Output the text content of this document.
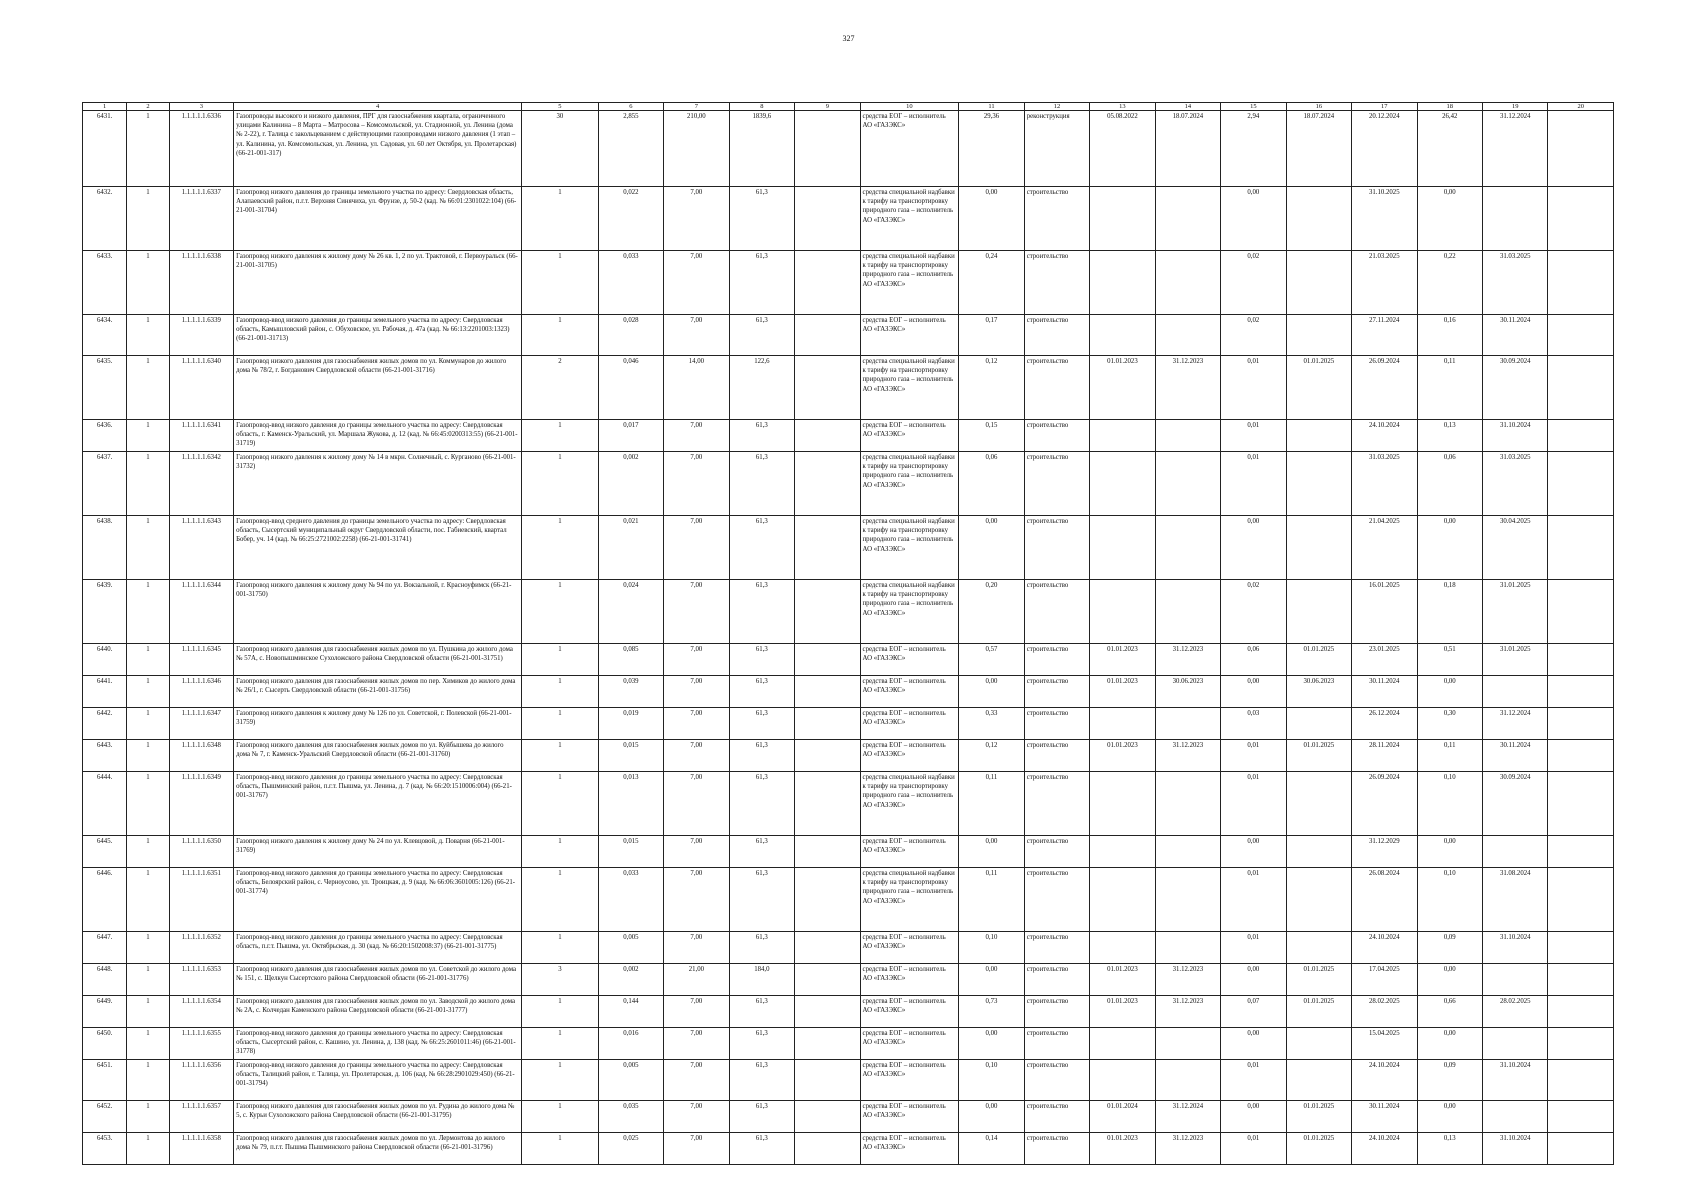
327
1	2	3	4	5	6	7	8	9	10	11	12	13	14	15	16	17	18	19	20
6431.	1	1.1.1.1.1.6336	Газопроводы высокого и низкого давления, ПРГ для газоснабжения квартала, ограниченного улицами Калинина – 8 Марта – Матросова – Комсомольской, ул. Стадионной, ул. Ленина (дома № 2-22), г. Талица с закольцеванием с действующими газопроводами низкого давления (1 этап – ул. Калинина, ул. Комсомольская, ул. Ленина, ул. Садовая, ул. 60 лет Октября, ул. Пролетарская) (66-21-001-317)	30	2,855	210,00	1839,6		средства ЕОГ – исполнитель АО «ГАЗЭКС»	29,36	реконструкция	05.08.2022	18.07.2024	2,94	18.07.2024	20.12.2024	26,42	31.12.2024	
6432.	1	1.1.1.1.1.6337	Газопровод низкого давления до границы земельного участка по адресу: Свердловская область, Алапаевский район, п.г.т. Верхняя Синячиха, ул. Фрунзе, д. 50-2 (кад. № 66:01:2301022:104) (66-21-001-31704)	1	0,022	7,00	61,3		средства специальной надбавки к тарифу на транспортировку природного газа – исполнитель АО «ГАЗЭКС»	0,00	строительство			0,00		31.10.2025	0,00		
6433.	1	1.1.1.1.1.6338	Газопровод низкого давления к жилому дому № 26 кв. 1, 2 по ул. Трактовой, г. Первоуральск (66-21-001-31705)	1	0,033	7,00	61,3		средства специальной надбавки к тарифу на транспортировку природного газа – исполнитель АО «ГАЗЭКС»	0,24	строительство			0,02		21.03.2025	0,22	31.03.2025	
6434.	1	1.1.1.1.1.6339	Газопровод-ввод низкого давления до границы земельного участка по адресу: Свердловская область, Камышловский район, с. Обуховское, ул. Рабочая, д. 47а (кад. № 66:13:2201003:1323) (66-21-001-31713)	1	0,028	7,00	61,3		средства ЕОГ – исполнитель АО «ГАЗЭКС»	0,17	строительство			0,02		27.11.2024	0,16	30.11.2024	
6435.	1	1.1.1.1.1.6340	Газопровод низкого давления для газоснабжения жилых домов по ул. Коммунаров до жилого дома № 78/2, г. Богданович Свердловской области (66-21-001-31716)	2	0,046	14,00	122,6		средства специальной надбавки к тарифу на транспортировку природного газа – исполнитель АО «ГАЗЭКС»	0,12	строительство	01.01.2023	31.12.2023	0,01	01.01.2025	26.09.2024	0,11	30.09.2024	
6436.	1	1.1.1.1.1.6341	Газопровод-ввод низкого давления до границы земельного участка по адресу: Свердловская область, г. Каменск-Уральский, ул. Маршала Жукова, д. 12 (кад. № 66:45:0200313:55) (66-21-001-31719)	1	0,017	7,00	61,3		средства ЕОГ – исполнитель АО «ГАЗЭКС»	0,15	строительство			0,01		24.10.2024	0,13	31.10.2024	
6437.	1	1.1.1.1.1.6342	Газопровод низкого давления к жилому дому № 14 в мкрн. Солнечный, с. Курганово (66-21-001-31732)	1	0,002	7,00	61,3		средства специальной надбавки к тарифу на транспортировку природного газа – исполнитель АО «ГАЗЭКС»	0,06	строительство			0,01		31.03.2025	0,06	31.03.2025	
6438.	1	1.1.1.1.1.6343	Газопровод-ввод среднего давления до границы земельного участка по адресу: Свердловская область, Сысертский муниципальный округ Свердловской области, пос. Габиевский, квартал Бобер, уч. 14 (кад. № 66:25:2721002:2258) (66-21-001-31741)	1	0,021	7,00	61,3		средства специальной надбавки к тарифу на транспортировку природного газа – исполнитель АО «ГАЗЭКС»	0,00	строительство			0,00		21.04.2025	0,00	30.04.2025	
6439.	1	1.1.1.1.1.6344	Газопровод низкого давления к жилому дому № 94 по ул. Вокзальной, г. Красноуфимск (66-21-001-31750)	1	0,024	7,00	61,3		средства специальной надбавки к тарифу на транспортировку природного газа – исполнитель АО «ГАЗЭКС»	0,20	строительство			0,02		16.01.2025	0,18	31.01.2025	
6440.	1	1.1.1.1.1.6345	Газопровод низкого давления для газоснабжения жилых домов по ул. Пушкина до жилого дома № 57А, с. Новопышминское Сухоложского района Свердловской области (66-21-001-31751)	1	0,085	7,00	61,3		средства ЕОГ – исполнитель АО «ГАЗЭКС»	0,57	строительство	01.01.2023	31.12.2023	0,06	01.01.2025	23.01.2025	0,51	31.01.2025	
6441.	1	1.1.1.1.1.6346	Газопровод низкого давления для газоснабжения жилых домов по пер. Химиков до жилого дома № 26/1, г. Сысерть Свердловской области (66-21-001-31756)	1	0,039	7,00	61,3		средства ЕОГ – исполнитель АО «ГАЗЭКС»	0,00	строительство	01.01.2023	30.06.2023	0,00	30.06.2023	30.11.2024	0,00		
6442.	1	1.1.1.1.1.6347	Газопровод низкого давления к жилому дому № 126 по ул. Советской, г. Полевской (66-21-001-31759)	1	0,019	7,00	61,3		средства ЕОГ – исполнитель АО «ГАЗЭКС»	0,33	строительство			0,03		26.12.2024	0,30	31.12.2024	
6443.	1	1.1.1.1.1.6348	Газопровод низкого давления для газоснабжения жилых домов по ул. Куйбышева до жилого дома № 7, г. Каменск-Уральский Свердловской области (66-21-001-31760)	1	0,015	7,00	61,3		средства ЕОГ – исполнитель АО «ГАЗЭКС»	0,12	строительство	01.01.2023	31.12.2023	0,01	01.01.2025	28.11.2024	0,11	30.11.2024	
6444.	1	1.1.1.1.1.6349	Газопровод-ввод низкого давления до границы земельного участка по адресу: Свердловская область, Пышминский район, п.г.т. Пышма, ул. Ленина, д. 7 (кад. № 66:20:1510006:004) (66-21-001-31767)	1	0,013	7,00	61,3		средства специальной надбавки к тарифу на транспортировку природного газа – исполнитель АО «ГАЗЭКС»	0,11	строительство			0,01		26.09.2024	0,10	30.09.2024	
6445.	1	1.1.1.1.1.6350	Газопровод низкого давления к жилому дому № 24 по ул. Клевцовой, д. Поварня (66-21-001-31769)	1	0,015	7,00	61,3		средства ЕОГ – исполнитель АО «ГАЗЭКС»	0,00	строительство			0,00		31.12.2029	0,00		
6446.	1	1.1.1.1.1.6351	Газопровод-ввод низкого давления до границы земельного участка по адресу: Свердловская область, Белоярский район, с. Черноусово, ул. Троицкая, д. 9 (кад. № 66:06:3601005:126) (66-21-001-31774)	1	0,033	7,00	61,3		средства специальной надбавки к тарифу на транспортировку природного газа – исполнитель АО «ГАЗЭКС»	0,11	строительство			0,01		26.08.2024	0,10	31.08.2024	
6447.	1	1.1.1.1.1.6352	Газопровод-ввод низкого давления до границы земельного участка по адресу: Свердловская область, п.г.т. Пышма, ул. Октябрьская, д. 30 (кад. № 66:20:1502008:37) (66-21-001-31775)	1	0,005	7,00	61,3		средства ЕОГ – исполнитель АО «ГАЗЭКС»	0,10	строительство			0,01		24.10.2024	0,09	31.10.2024	
6448.	1	1.1.1.1.1.6353	Газопровод низкого давления для газоснабжения жилых домов по ул. Советской до жилого дома № 151, с. Щелкун Сысертского района Свердловской области (66-21-001-31776)	3	0,002	21,00	184,0		средства ЕОГ – исполнитель АО «ГАЗЭКС»	0,00	строительство	01.01.2023	31.12.2023	0,00	01.01.2025	17.04.2025	0,00		
6449.	1	1.1.1.1.1.6354	Газопровод низкого давления для газоснабжения жилых домов по ул. Заводской до жилого дома № 2А, с. Колчедан Каменского района Свердловской области (66-21-001-31777)	1	0,144	7,00	61,3		средства ЕОГ – исполнитель АО «ГАЗЭКС»	0,73	строительство	01.01.2023	31.12.2023	0,07	01.01.2025	28.02.2025	0,66	28.02.2025	
6450.	1	1.1.1.1.1.6355	Газопровод-ввод низкого давления до границы земельного участка по адресу: Свердловская область, Сысертский район, с. Кашино, ул. Ленина, д. 138 (кад. № 66:25:2601011:46) (66-21-001-31778)	1	0,016	7,00	61,3		средства ЕОГ – исполнитель АО «ГАЗЭКС»	0,00	строительство			0,00		15.04.2025	0,00		
6451.	1	1.1.1.1.1.6356	Газопровод-ввод низкого давления до границы земельного участка по адресу: Свердловская область, Талицкий район, г. Талица, ул. Пролетарская, д. 106 (кад. № 66:28:2901029:450) (66-21-001-31794)	1	0,005	7,00	61,3		средства ЕОГ – исполнитель АО «ГАЗЭКС»	0,10	строительство			0,01		24.10.2024	0,09	31.10.2024	
6452.	1	1.1.1.1.1.6357	Газопровод низкого давления для газоснабжения жилых домов по ул. Рудина до жилого дома № 5, с. Курьи Сухоложского района Свердловской области (66-21-001-31795)	1	0,035	7,00	61,3		средства ЕОГ – исполнитель АО «ГАЗЭКС»	0,00	строительство	01.01.2024	31.12.2024	0,00	01.01.2025	30.11.2024	0,00		
6453.	1	1.1.1.1.1.6358	Газопровод низкого давления для газоснабжения жилых домов по ул. Лермонтова до жилого дома № 79, п.г.т. Пышма Пышминского района Свердловской области (66-21-001-31796)	1	0,025	7,00	61,3		средства ЕОГ – исполнитель АО «ГАЗЭКС»	0,14	строительство	01.01.2023	31.12.2023	0,01	01.01.2025	24.10.2024	0,13	31.10.2024	
